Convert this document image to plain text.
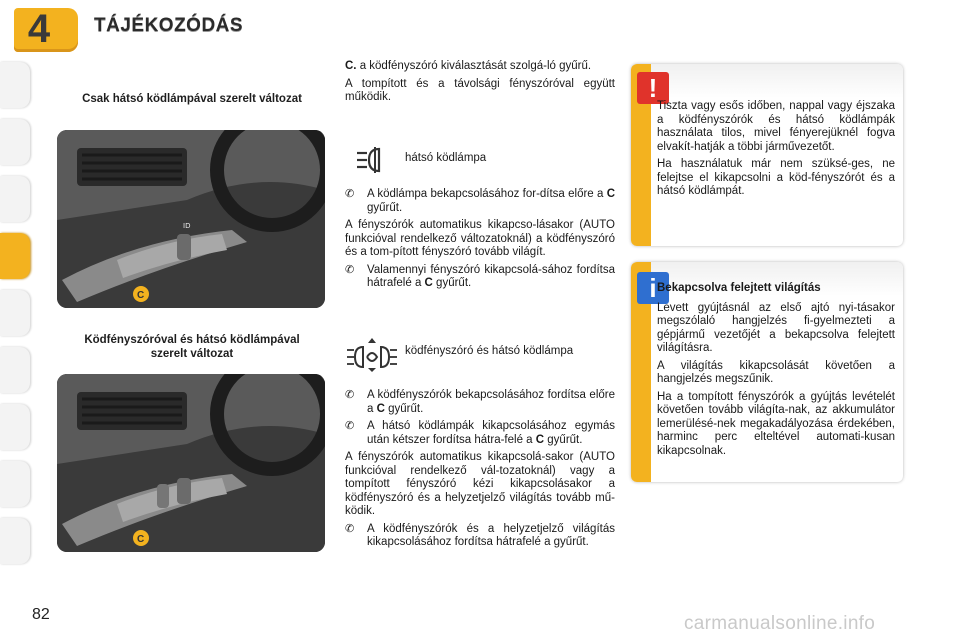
4	TÁJÉKOZÓDÁS
Csak hátsó ködlámpával szerelt változat
ID
C
Ködfényszóróval és hátsó ködlámpával szerelt változat
C

C. a ködfényszóró kiválasztását szolgá-ló gyűrű.

A tompított és a távolsági fényszóróval együtt működik.

hátsó ködlámpa
✆	A ködlámpa bekapcsolásához for-dítsa előre a C gyűrűt.

A fényszórók automatikus kikapcso-lásakor (AUTO funkcióval rendelkező változatoknál) a ködfényszóró és a tom-pított fényszóró tovább világít.

✆	Valamennyi fényszóró kikapcsolá-sához fordítsa hátrafelé a C gyűrűt.
ködfényszóró és hátsó ködlámpa
✆	A ködfényszórók bekapcsolásához fordítsa előre a C gyűrűt.
✆	A hátsó ködlámpák kikapcsolásához egymás után kétszer fordítsa hátra-felé a C gyűrűt.

A fényszórók automatikus kikapcsolá-sakor (AUTO funkcióval rendelkező vál-tozatoknál) vagy a tompított fényszóró kézi kikapcsolásakor a ködfényszóró és a helyzetjelző világítás tovább mű-ködik.

✆	A ködfényszórók és a helyzetjelző világítás kikapcsolásához fordítsa hátrafelé a gyűrűt.
!

Tiszta vagy esős időben, nappal vagy éjszaka a ködfényszórók és hátsó ködlámpák használata tilos, mivel fényerejüknél fogva elvakít-hatják a többi járművezetőt.

Ha használatuk már nem szüksé-ges, ne felejtse el kikapcsolni a köd-fényszórót és a hátsó ködlámpát.

i Bekapcsolva felejtett világítás

Levett gyújtásnál az első ajtó nyi-tásakor megszólaló hangjelzés fi-gyelmezteti a gépjármű vezetőjét a bekapcsolva felejtett világításra.

A világítás kikapcsolását követően a hangjelzés megszűnik.

Ha a tompított fényszórók a gyújtás levételét követően tovább világíta-nak, az akkumulátor lemerülésé-nek megakadályozása érdekében, harminc perc elteltével automati-kusan kikapcsolnak.

82	carmanualsonline.info
